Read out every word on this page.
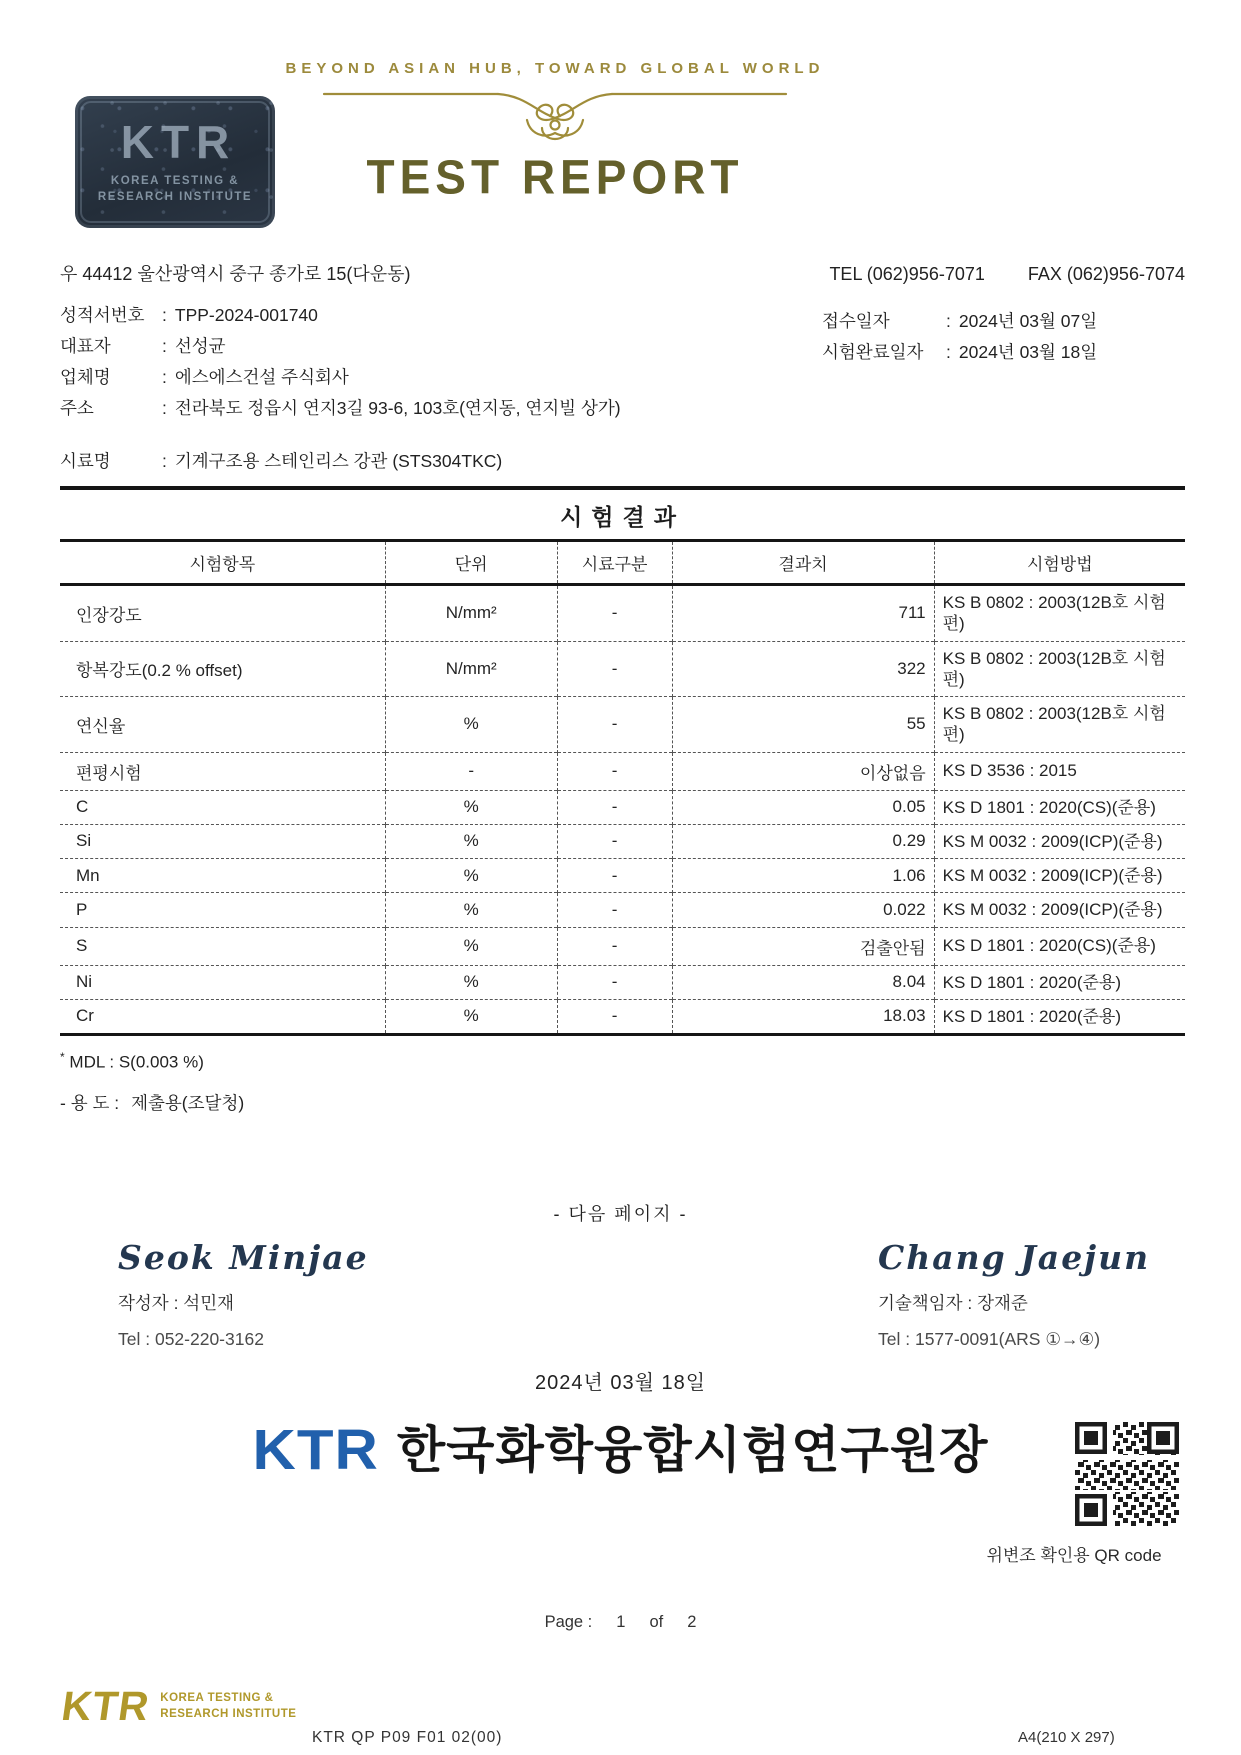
BEYOND ASIAN HUB, TOWARD GLOBAL WORLD
TEST REPORT
KTR
KOREA TESTING &
RESEARCH INSTITUTE
우 44412 울산광역시 중구 종가로 15(다운동)	TEL (062)956-7071 FAX (062)956-7074
성적서번호 : TPP-2024-001740
대표자	: 선성균
업체명	: 에스에스건설 주식회사
주소	: 전라북도 정읍시 연지3길 93-6, 103호(연지동, 연지빌 상가)
접수일자	: 2024년 03월 07일
시험완료일자 : 2024년 03월 18일
시료명	: 기계구조용 스테인리스 강관 (STS304TKC)
시험결과
시험항목	단위	시료구분	결과치	시험방법
인장강도	N/mm²	-	711	KS B 0802 : 2003(12B호 시험편)
항복강도(0.2 % offset)	N/mm²	-	322	KS B 0802 : 2003(12B호 시험편)
연신율	%	-	55	KS B 0802 : 2003(12B호 시험편)
편평시험	-	-	이상없음	KS D 3536 : 2015
C	%	-	0.05	KS D 1801 : 2020(CS)(준용)
Si	%	-	0.29	KS M 0032 : 2009(ICP)(준용)
Mn	%	-	1.06	KS M 0032 : 2009(ICP)(준용)
P	%	-	0.022	KS M 0032 : 2009(ICP)(준용)
S	%	-	검출안됨	KS D 1801 : 2020(CS)(준용)
Ni	%	-	8.04	KS D 1801 : 2020(준용)
Cr	%	-	18.03	KS D 1801 : 2020(준용)
* MDL : S(0.003 %)
- 용 도 : 제출용(조달청)
- 다음 페이지 -
Seok Minjae
작성자 : 석민재
Tel : 052-220-3162
Chang Jaejun
기술책임자 : 장재준
Tel : 1577-0091(ARS ①→④)
2024년 03월 18일
KTR 한국화학융합시험연구원장
위변조 확인용 QR code
Page : 1 of 2
KTR KOREA TESTING &
RESEARCH INSTITUTE
KTR QP P09 F01 02(00)	A4(210 X 297)
